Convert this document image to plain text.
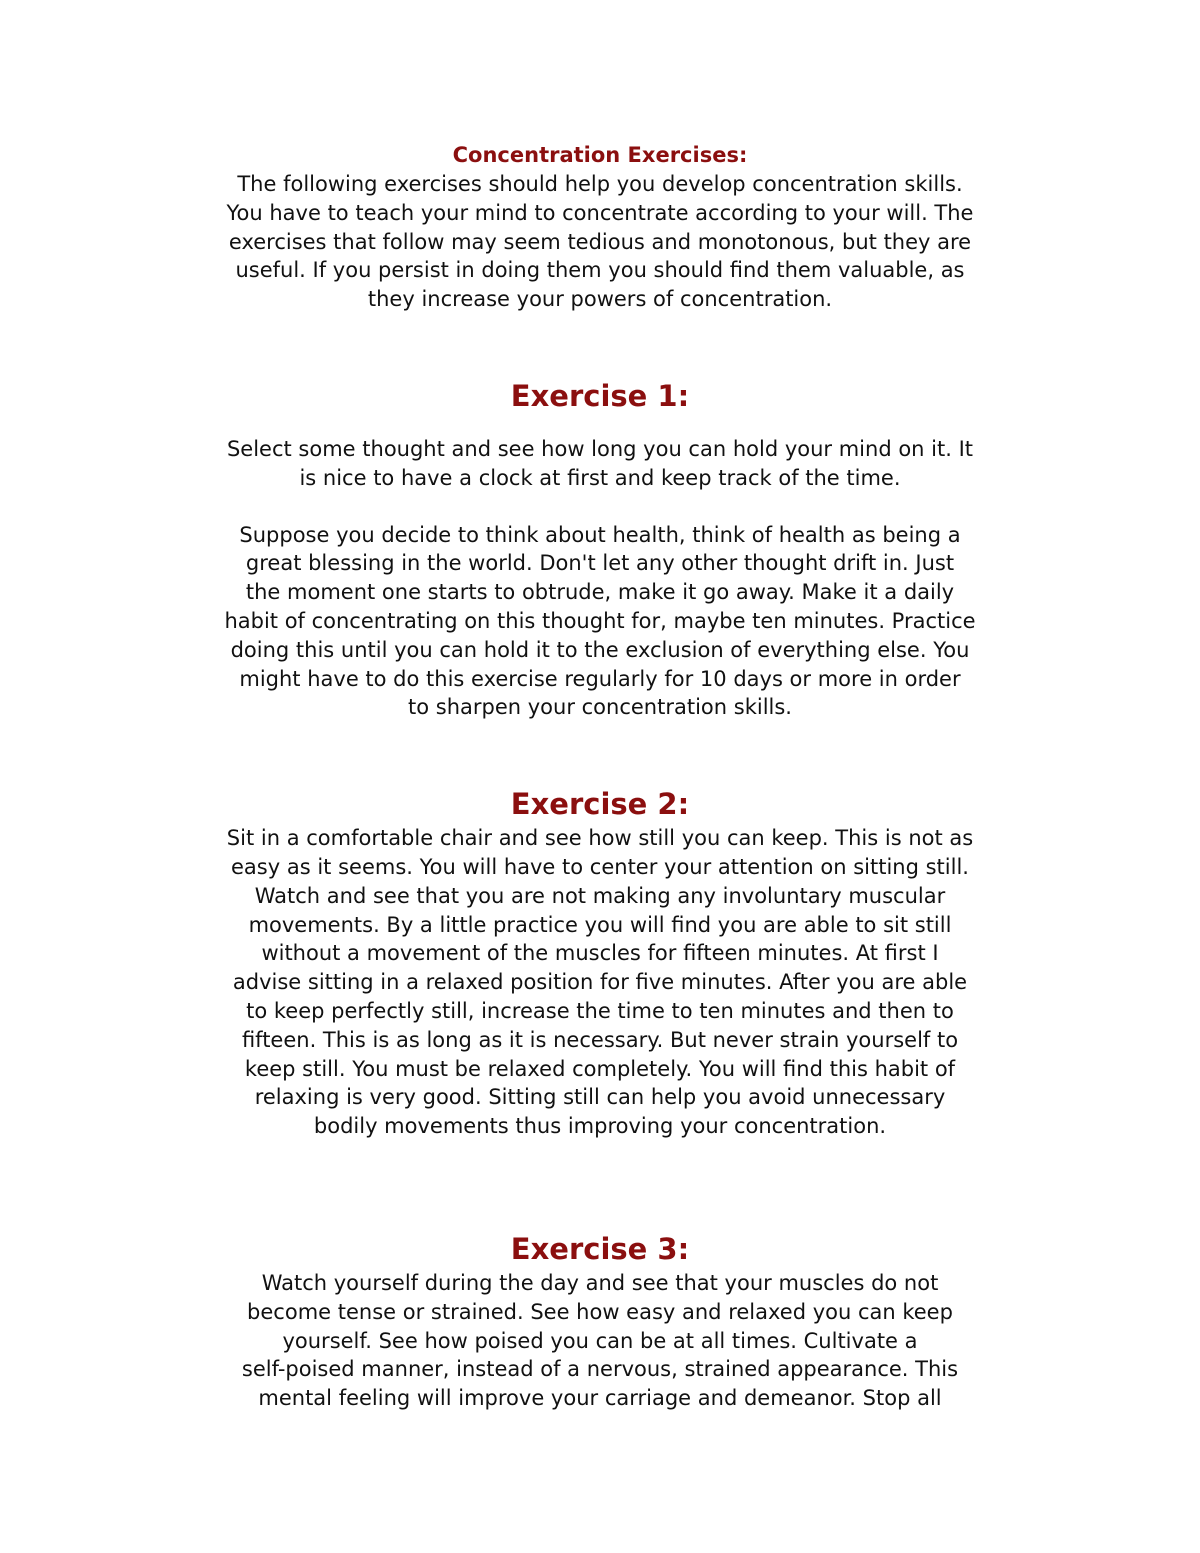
Concentration Exercises:

The following exercises should help you develop concentration skills.
You have to teach your mind to concentrate according to your will. The
exercises that follow may seem tedious and monotonous, but they are
useful. If you persist in doing them you should find them valuable, as
they increase your powers of concentration.

Exercise 1:

Select some thought and see how long you can hold your mind on it. It
is nice to have a clock at first and keep track of the time.

Suppose you decide to think about health, think of health as being a
great blessing in the world. Don't let any other thought drift in. Just
the moment one starts to obtrude, make it go away. Make it a daily
habit of concentrating on this thought for, maybe ten minutes. Practice
doing this until you can hold it to the exclusion of everything else. You
might have to do this exercise regularly for 10 days or more in order
to sharpen your concentration skills.

Exercise 2:

Sit in a comfortable chair and see how still you can keep. This is not as
easy as it seems. You will have to center your attention on sitting still.
Watch and see that you are not making any involuntary muscular
movements. By a little practice you will find you are able to sit still
without a movement of the muscles for fifteen minutes. At first I
advise sitting in a relaxed position for five minutes. After you are able
to keep perfectly still, increase the time to ten minutes and then to
fifteen. This is as long as it is necessary. But never strain yourself to
keep still. You must be relaxed completely. You will find this habit of
relaxing is very good. Sitting still can help you avoid unnecessary
bodily movements thus improving your concentration.

Exercise 3:

Watch yourself during the day and see that your muscles do not
become tense or strained. See how easy and relaxed you can keep
yourself. See how poised you can be at all times. Cultivate a
self-poised manner, instead of a nervous, strained appearance. This
mental feeling will improve your carriage and demeanor. Stop all
